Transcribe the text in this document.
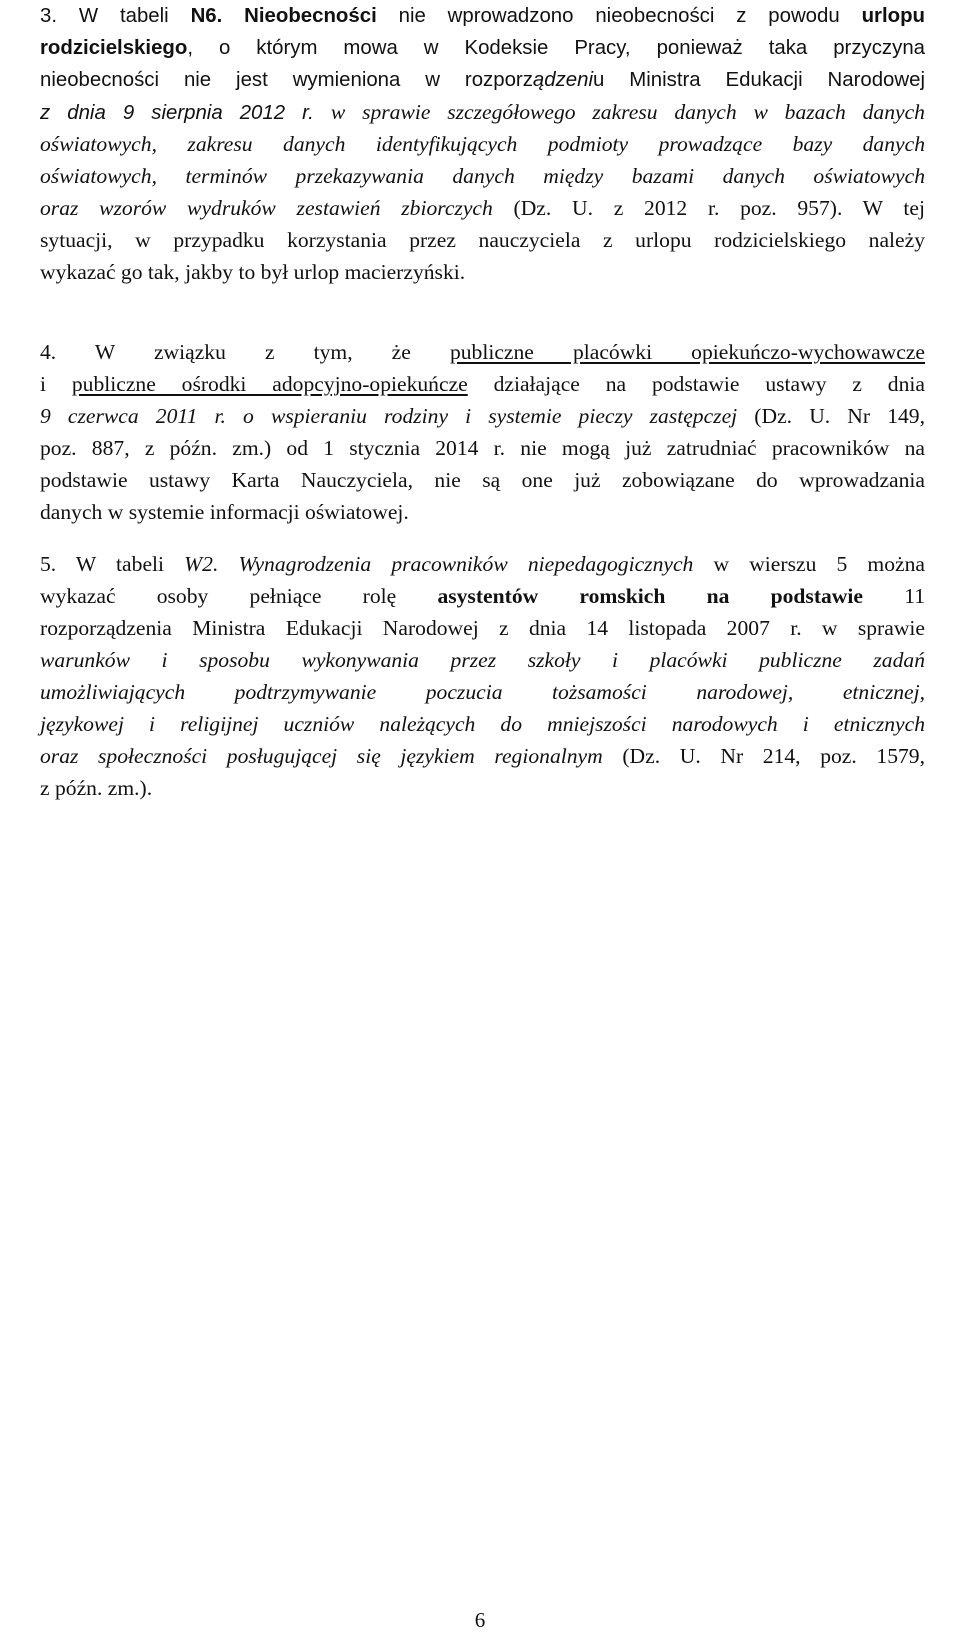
3. W tabeli N6. Nieobecności nie wprowadzono nieobecności z powodu urlopu
rodzicielskiego, o którym mowa w Kodeksie Pracy, ponieważ taka przyczyna
nieobecności nie jest wymieniona w rozporządzeniu Ministra Edukacji Narodowej
z dnia 9 sierpnia 2012 r. w sprawie szczegółowego zakresu danych w bazach danych
oświatowych, zakresu danych identyfikujących podmioty prowadzące bazy danych
oświatowych, terminów przekazywania danych między bazami danych oświatowych
oraz wzorów wydruków zestawień zbiorczych (Dz. U. z 2012 r. poz. 957). W tej
sytuacji, w przypadku korzystania przez nauczyciela z urlopu rodzicielskiego należy
wykazać go tak, jakby to był urlop macierzyński.
4. W związku z tym, że publiczne placówki opiekuńczo-wychowawcze
i publiczne ośrodki adopcyjno-opiekuńcze działające na podstawie ustawy z dnia
9 czerwca 2011 r. o wspieraniu rodziny i systemie pieczy zastępczej (Dz. U. Nr 149,
poz. 887, z późn. zm.) od 1 stycznia 2014 r. nie mogą już zatrudniać pracowników na
podstawie ustawy Karta Nauczyciela, nie są one już zobowiązane do wprowadzania
danych w systemie informacji oświatowej.
5. W tabeli W2. Wynagrodzenia pracowników niepedagogicznych w wierszu 5 można
wykazać osoby pełniące rolę asystentów romskich na podstawie 11
rozporządzenia Ministra Edukacji Narodowej z dnia 14 listopada 2007 r. w sprawie
warunków i sposobu wykonywania przez szkoły i placówki publiczne zadań
umożliwiających podtrzymywanie poczucia tożsamości narodowej, etnicznej,
językowej i religijnej uczniów należących do mniejszości narodowych i etnicznych
oraz społeczności posługującej się językiem regionalnym (Dz. U. Nr 214, poz. 1579,
z późn. zm.).
6
